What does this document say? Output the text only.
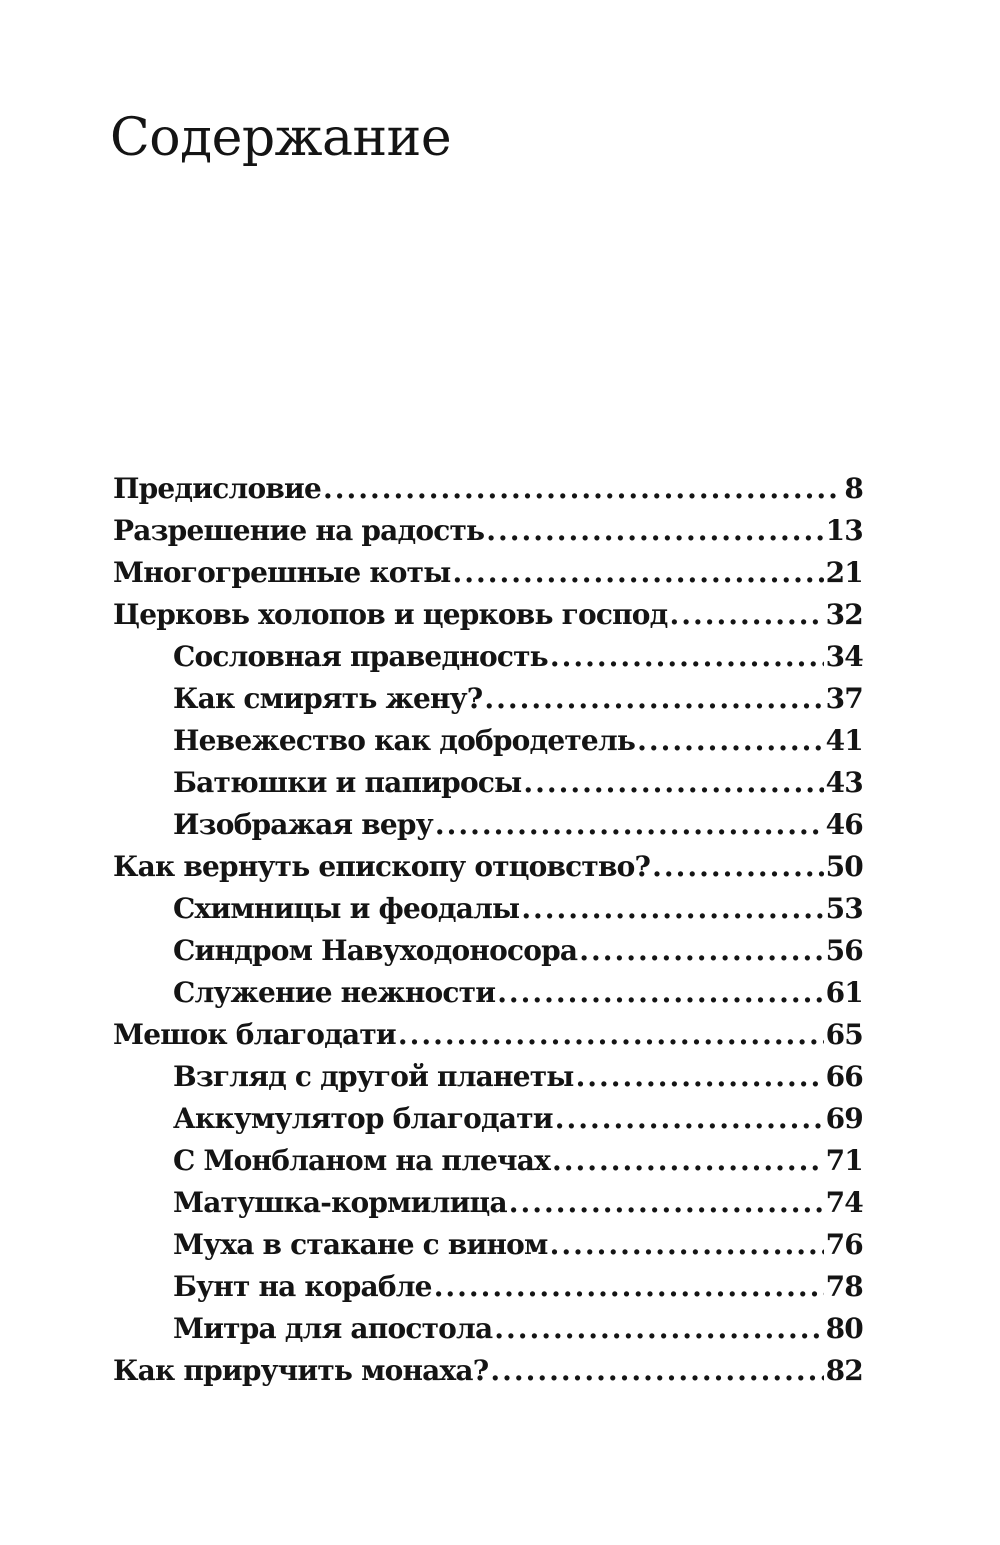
Содержание
Предисловие .....	8
Разрешение на радость .....	13
Многогрешные коты .....	21
Церковь холопов и церковь господ .....	32
Сословная праведность .....	34
Как смирять жену? .....	37
Невежество как добродетель .....	41
Батюшки и папиросы .....	43
Изображая веру .....	46
Как вернуть епископу отцовство? .....	50
Схимницы и феодалы .....	53
Синдром Навуходоносора .....	56
Служение нежности .....	61
Мешок благодати .....	65
Взгляд с другой планеты .....	66
Аккумулятор благодати .....	69
С Монбланом на плечах .....	71
Матушка-кормилица .....	74
Муха в стакане с вином .....	76
Бунт на корабле .....	78
Митра для апостола .....	80
Как приручить монаха? .....	82
